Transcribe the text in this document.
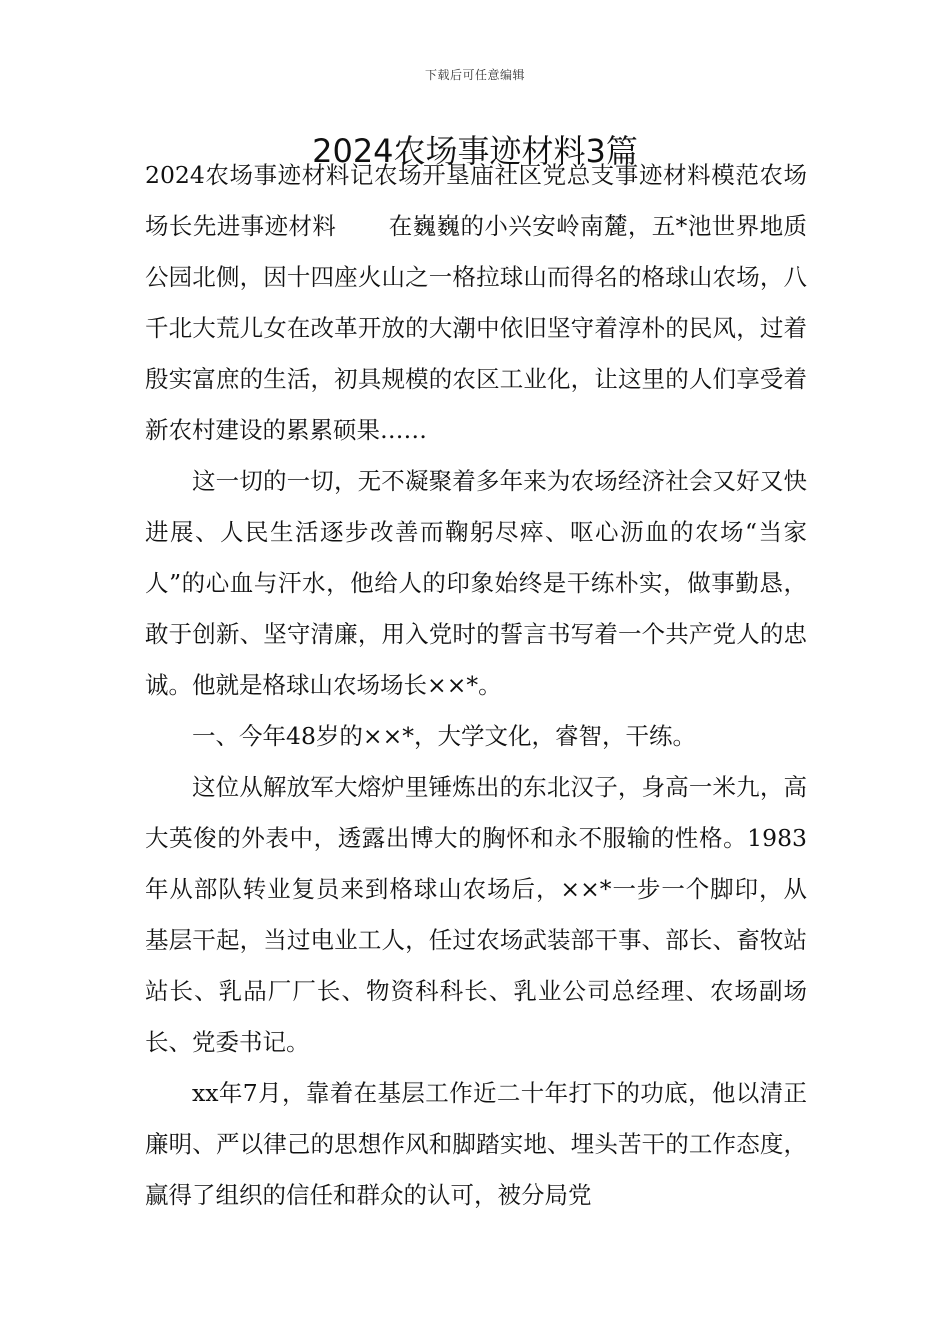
下载后可任意编辑
2024农场事迹材料3篇

2024农场事迹材料记农场开垦庙社区党总支事迹材料模范农场场长先进事迹材料 在巍巍的小兴安岭南麓，五*池世界地质公园北侧，因十四座火山之一格拉球山而得名的格球山农场，八千北大荒儿女在改革开放的大潮中依旧坚守着淳朴的民风，过着殷实富庶的生活，初具规模的农区工业化，让这里的人们享受着新农村建设的累累硕果……

这一切的一切，无不凝聚着多年来为农场经济社会又好又快进展、人民生活逐步改善而鞠躬尽瘁、呕心沥血的农场“当家人”的心血与汗水，他给人的印象始终是干练朴实，做事勤恳，敢于创新、坚守清廉，用入党时的誓言书写着一个共产党人的忠诚。他就是格球山农场场长××*。

一、今年48岁的××*，大学文化，睿智，干练。

这位从解放军大熔炉里锤炼出的东北汉子，身高一米九，高大英俊的外表中，透露出博大的胸怀和永不服输的性格。1983年从部队转业复员来到格球山农场后，××*一步一个脚印，从基层干起，当过电业工人，任过农场武装部干事、部长、畜牧站站长、乳品厂厂长、物资科科长、乳业公司总经理、农场副场长、党委书记。

xx年7月，靠着在基层工作近二十年打下的功底，他以清正廉明、严以律己的思想作风和脚踏实地、埋头苦干的工作态度，赢得了组织的信任和群众的认可，被分局党
